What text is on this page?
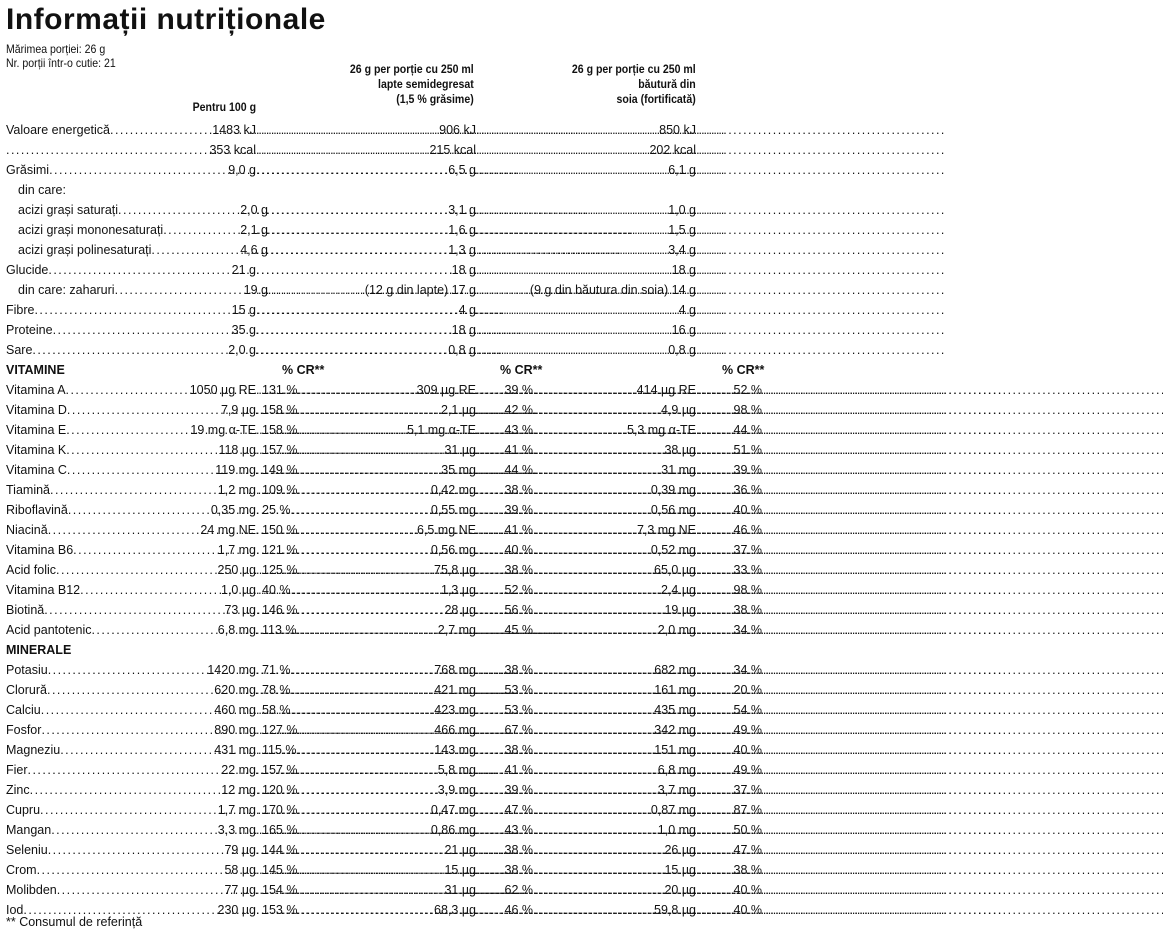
Informații nutriționale
Mărimea porției: 26 g
Nr. porții într-o cutie: 21	26 g per porție cu 250 ml
lapte semidegresat
(1,5 % grăsime)
26 g per porție cu 250 ml
băutură din
soia (fortificată)
Pentru 100 g
Valoare energetică . . .	1483 kJ . . .	906 kJ . . .	850 kJ
. . .
353 kcal . . .	215 kcal . . .	202 kcal
Grăsimi . . .	9,0 g . . .	6,5 g . . .	6,1 g
din care:
acizi grași saturați . . .	2,0 g . . .	3,1 g . . .	1,0 g
acizi grași mononesaturați . . .	2,1 g . . .	1,6 g . . .	1,5 g
acizi grași polinesaturați . . .	4,6 g . . .	1,3 g . . .	3,4 g
Glucide . . .	21 g . . .	18 g . . .	18 g
din care: zaharuri . . .	19 g . . .	(12 g din lapte) 17 g . . .	(9 g din băutura din soia) 14 g
Fibre . . .	15 g . . .	4 g . . .	4 g
Proteine . . .	35 g . . .	18 g . . .	16 g
Sare . . .	2,0 g . . .	0,8 g . . .	0,8 g
VITAMINE	% CR**	% CR**	% CR**
Vitamina A . . .	1050 µg RE . . . 131 % . . .	309 µg RE . . . 39 % . . .	414 µg RE . . .	52 %
Vitamina D . . .	7,9 µg . . . 158 % . . .	2,1 µg . . . 42 % . . .	4,9 µg . . .	98 %
Vitamina E . . .	19 mg α-TE . . . 158 % . . .	5,1 mg α-TE . . . 43 % . . .	5,3 mg α-TE . . .	44 %
Vitamina K . . .	118 µg . . . 157 % . . .	31 µg . . . 41 % . . .	38 µg . . .	51 %
Vitamina C . . .	119 mg . . . 149 % . . .	35 mg . . . 44 % . . .	31 mg . . .	39 %
Tiamină . . .	1,2 mg . . . 109 % . . .	0,42 mg . . . 38 % . . .	0,39 mg . . .	36 %
Riboflavină . . .	0,35 mg . . . 25 % . . .	0,55 mg . . . 39 % . . .	0,56 mg . . .	40 %
Niacină . . .	24 mg NE . . . 150 % . . .	6,5 mg NE . . . 41 % . . .	7,3 mg NE . . .	46 %
Vitamina B6 . . .	1,7 mg . . . 121 % . . .	0,56 mg . . . 40 % . . .	0,52 mg . . .	37 %
Acid folic . . .	250 µg . . . 125 % . . .	75,8 µg . . . 38 % . . .	65,0 µg . . .	33 %
Vitamina B12 . . .	1,0 µg . . . 40 % . . .	1,3 µg . . . 52 % . . .	2,4 µg . . .	98 %
Biotină . . .	73 µg . . . 146 % . . .	28 µg . . . 56 % . . .	19 µg . . .	38 %
Acid pantotenic . . .	6,8 mg . . . 113 % . . .	2,7 mg . . . 45 % . . .	2,0 mg . . .	34 %
MINERALE
Potasiu . . .	1420 mg . . . 71 % . . .	768 mg . . . 38 % . . .	682 mg . . .	34 %
Clorură . . .	620 mg . . . 78 % . . .	421 mg . . . 53 % . . .	161 mg . . .	20 %
Calciu . . .	460 mg . . . 58 % . . .	423 mg . . . 53 % . . .	435 mg . . .	54 %
Fosfor . . .	890 mg . . . 127 % . . .	466 mg . . . 67 % . . .	342 mg . . .	49 %
Magneziu . . .	431 mg . . . 115 % . . .	143 mg . . . 38 % . . .	151 mg . . .	40 %
Fier . . .	22 mg . . . 157 % . . .	5,8 mg . . . 41 % . . .	6,8 mg . . .	49 %
Zinc . . .	12 mg . . . 120 % . . .	3,9 mg . . . 39 % . . .	3,7 mg . . .	37 %
Cupru . . .	1,7 mg . . . 170 % . . .	0,47 mg . . . 47 % . . .	0,87 mg . . .	87 %
Mangan . . .	3,3 mg . . . 165 % . . .	0,86 mg . . . 43 % . . .	1,0 mg . . .	50 %
Seleniu . . .	79 µg . . . 144 % . . .	21 µg . . . 38 % . . .	26 µg . . .	47 %
Crom . . .	58 µg . . . 145 % . . .	15 µg . . . 38 % . . .	15 µg . . .	38 %
Molibden . . .	77 µg . . . 154 % . . .	31 µg . . . 62 % . . .	20 µg . . .	40 %
Iod . . .	230 µg . . . 153 % . . .	68,3 µg . . . 46 % . . .	59,8 µg . . .	40 %
** Consumul de referință
